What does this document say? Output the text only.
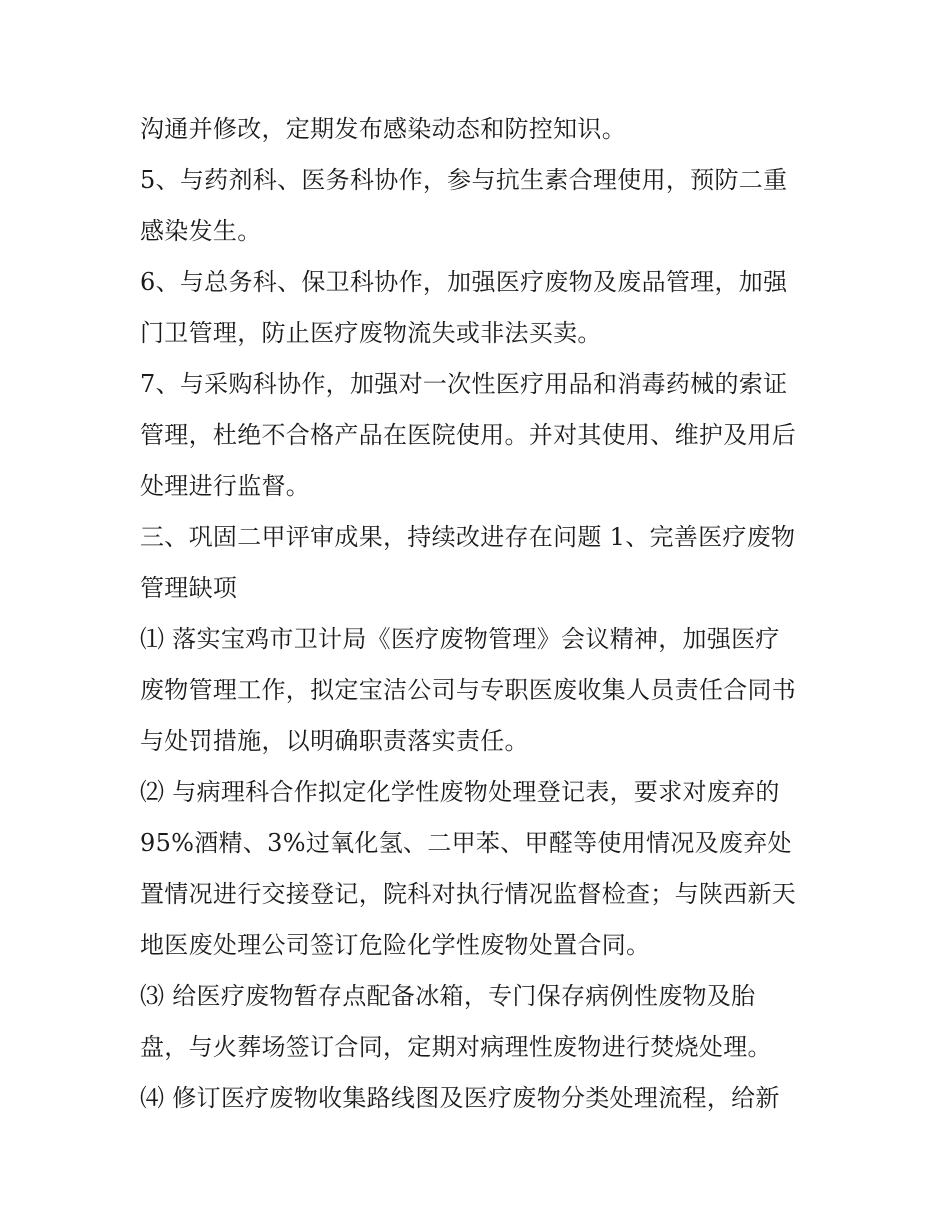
沟通并修改，定期发布感染动态和防控知识。
5、与药剂科、医务科协作，参与抗生素合理使用，预防二重
感染发生。
6、与总务科、保卫科协作，加强医疗废物及废品管理，加强
门卫管理，防止医疗废物流失或非法买卖。
7、与采购科协作，加强对一次性医疗用品和消毒药械的索证
管理，杜绝不合格产品在医院使用。并对其使用、维护及用后
处理进行监督。
三、巩固二甲评审成果，持续改进存在问题 1、完善医疗废物
管理缺项
⑴ 落实宝鸡市卫计局《医疗废物管理》会议精神，加强医疗
废物管理工作，拟定宝洁公司与专职医废收集人员责任合同书
与处罚措施，以明确职责落实责任。
⑵ 与病理科合作拟定化学性废物处理登记表，要求对废弃的
95%酒精、3%过氧化氢、二甲苯、甲醛等使用情况及废弃处
置情况进行交接登记，院科对执行情况监督检查；与陕西新天
地医废处理公司签订危险化学性废物处置合同。
⑶ 给医疗废物暂存点配备冰箱，专门保存病例性废物及胎
盘，与火葬场签订合同，定期对病理性废物进行焚烧处理。
⑷ 修订医疗废物收集路线图及医疗废物分类处理流程，给新
